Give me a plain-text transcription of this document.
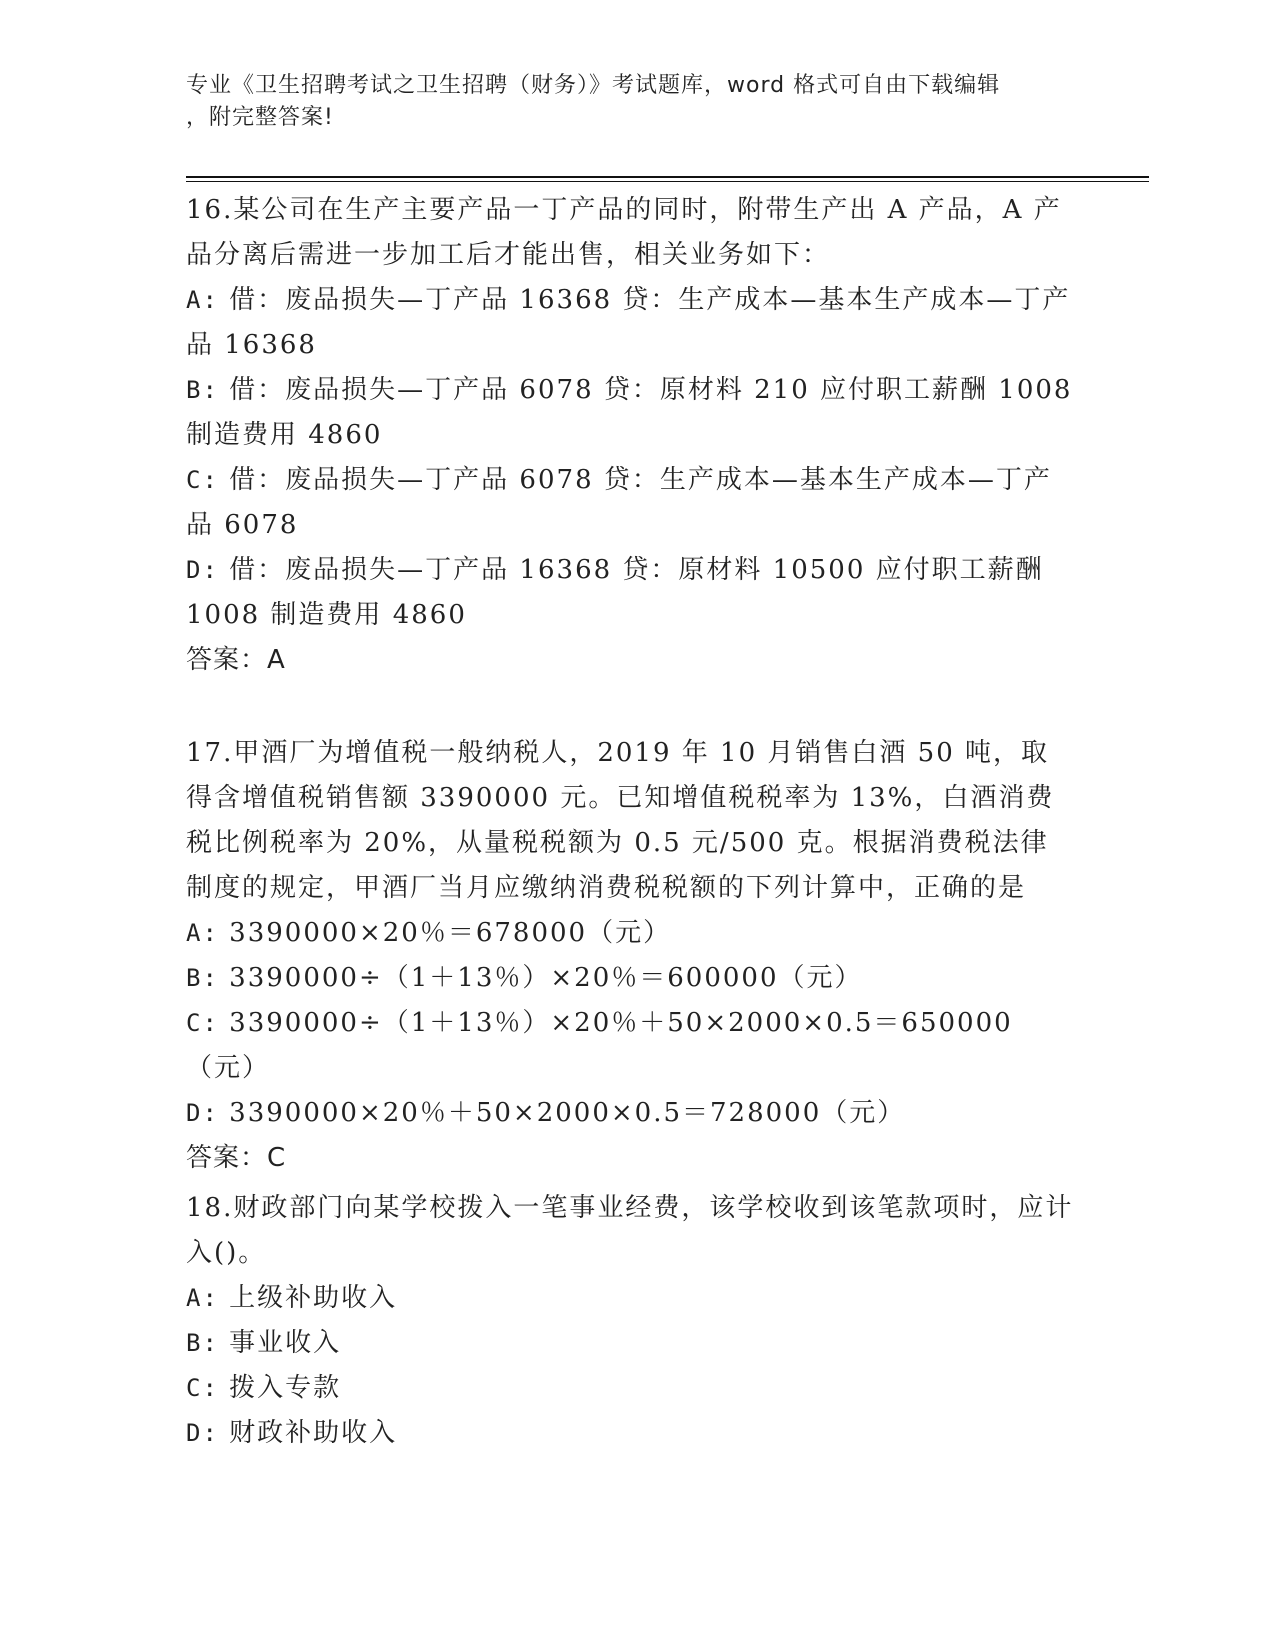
专业《卫生招聘考试之卫生招聘（财务）》考试题库，word 格式可自由下载编辑
，附完整答案!

16.某公司在生产主要产品一丁产品的同时，附带生产出 A 产品，A 产品分离后需进一步加工后才能出售，相关业务如下：

A: 借：废品损失—丁产品 16368 贷：生产成本—基本生产成本—丁产品 16368

B: 借：废品损失—丁产品 6078 贷：原材料 210 应付职工薪酬 1008 制造费用 4860

C: 借：废品损失—丁产品 6078 贷：生产成本—基本生产成本—丁产品 6078

D: 借：废品损失—丁产品 16368 贷：原材料 10500 应付职工薪酬 1008 制造费用 4860

答案：A

17.甲酒厂为增值税一般纳税人，2019 年 10 月销售白酒 50 吨，取得含增值税销售额 3390000 元。已知增值税税率为 13%，白酒消费税比例税率为 20%，从量税税额为 0.5 元/500 克。根据消费税法律制度的规定，甲酒厂当月应缴纳消费税税额的下列计算中，正确的是

A: 3390000×20％＝678000（元）

B: 3390000÷（1＋13％）×20％＝600000（元）

C: 3390000÷（1＋13％）×20％＋50×2000×0.5＝650000（元）

D: 3390000×20％＋50×2000×0.5＝728000（元）

答案：C

18.财政部门向某学校拨入一笔事业经费，该学校收到该笔款项时，应计入()。

A: 上级补助收入

B: 事业收入

C: 拨入专款

D: 财政补助收入
